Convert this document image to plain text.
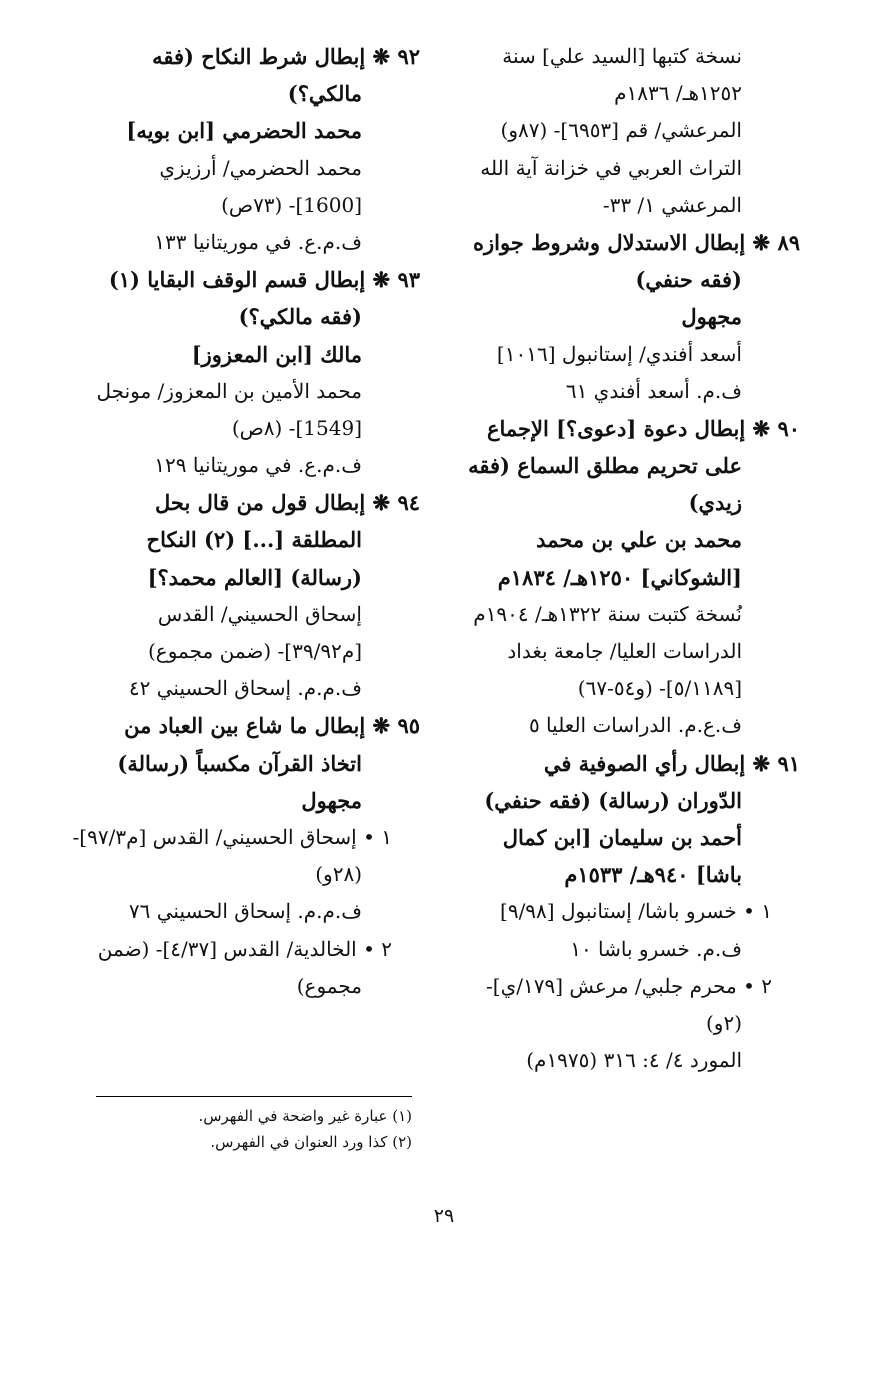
نسخة كتبها [السيد علي] سنة
١٢٥٢هـ/ ١٨٣٦م
المرعشي/ قم [٦٩٥٣]- (٨٧و)
التراث العربي في خزانة آية الله
المرعشي ١/ ٣٣-
٨٩ ❋ إبطال الاستدلال وشروط جوازه
(فقه حنفي)
مجهول
أسعد أفندي/ إستانبول [١٠١٦]
ف.م. أسعد أفندي ٦١
٩٠ ❋ إبطال دعوة [دعوى؟] الإجماع
على تحريم مطلق السماع (فقه
زيدي)
محمد بن علي بن محمد
[الشوكاني] ١٢٥٠هـ/ ١٨٣٤م
نُسخة كتبت سنة ١٣٢٢هـ/ ١٩٠٤م
الدراسات العليا/ جامعة بغداد
[٥/١١٨٩]- (و٥٤-٦٧)
ف.ع.م. الدراسات العليا ٥
٩١ ❋ إبطال رأي الصوفية في
الدّوران (رسالة) (فقه حنفي)
أحمد بن سليمان [ابن كمال
باشا] ٩٤٠هـ/ ١٥٣٣م
١ • خسرو باشا/ إستانبول [٩/٩٨]
ف.م. خسرو باشا ١٠
٢ • محرم جلبي/ مرعش [١٧٩/ي]-
(٢و)
المورد ٤/ ٤: ٣١٦ (١٩٧٥م)
٩٢ ❋ إبطال شرط النكاح (فقه
مالكي؟)
محمد الحضرمي [ابن بويه]
محمد الحضرمي/ أرزيزي
[1600]- (٧٣ص)
ف.م.ع. في موريتانيا ١٣٣
٩٣ ❋ إبطال قسم الوقف البقايا (١)
(فقه مالكي؟)
مالك [ابن المعزوز]
محمد الأمين بن المعزوز/ مونجل
[1549]- (٨ص)
ف.م.ع. في موريتانيا ١٢٩
٩٤ ❋ إبطال قول من قال بحل
المطلقة [...] (٢) النكاح
(رسالة) [العالم محمد؟]
إسحاق الحسيني/ القدس
[م٣٩/٩٢]- (ضمن مجموع)
ف.م.م. إسحاق الحسيني ٤٢
٩٥ ❋ إبطال ما شاع بين العباد من
اتخاذ القرآن مكسباً (رسالة)
مجهول
١ • إسحاق الحسيني/ القدس [م٩٧/٣]-
(٢٨و)
ف.م.م. إسحاق الحسيني ٧٦
٢ • الخالدية/ القدس [٤/٣٧]- (ضمن
مجموع)
(١) عبارة غير واضحة في الفهرس.
(٢) كذا ورد العنوان في الفهرس.
٢٩
